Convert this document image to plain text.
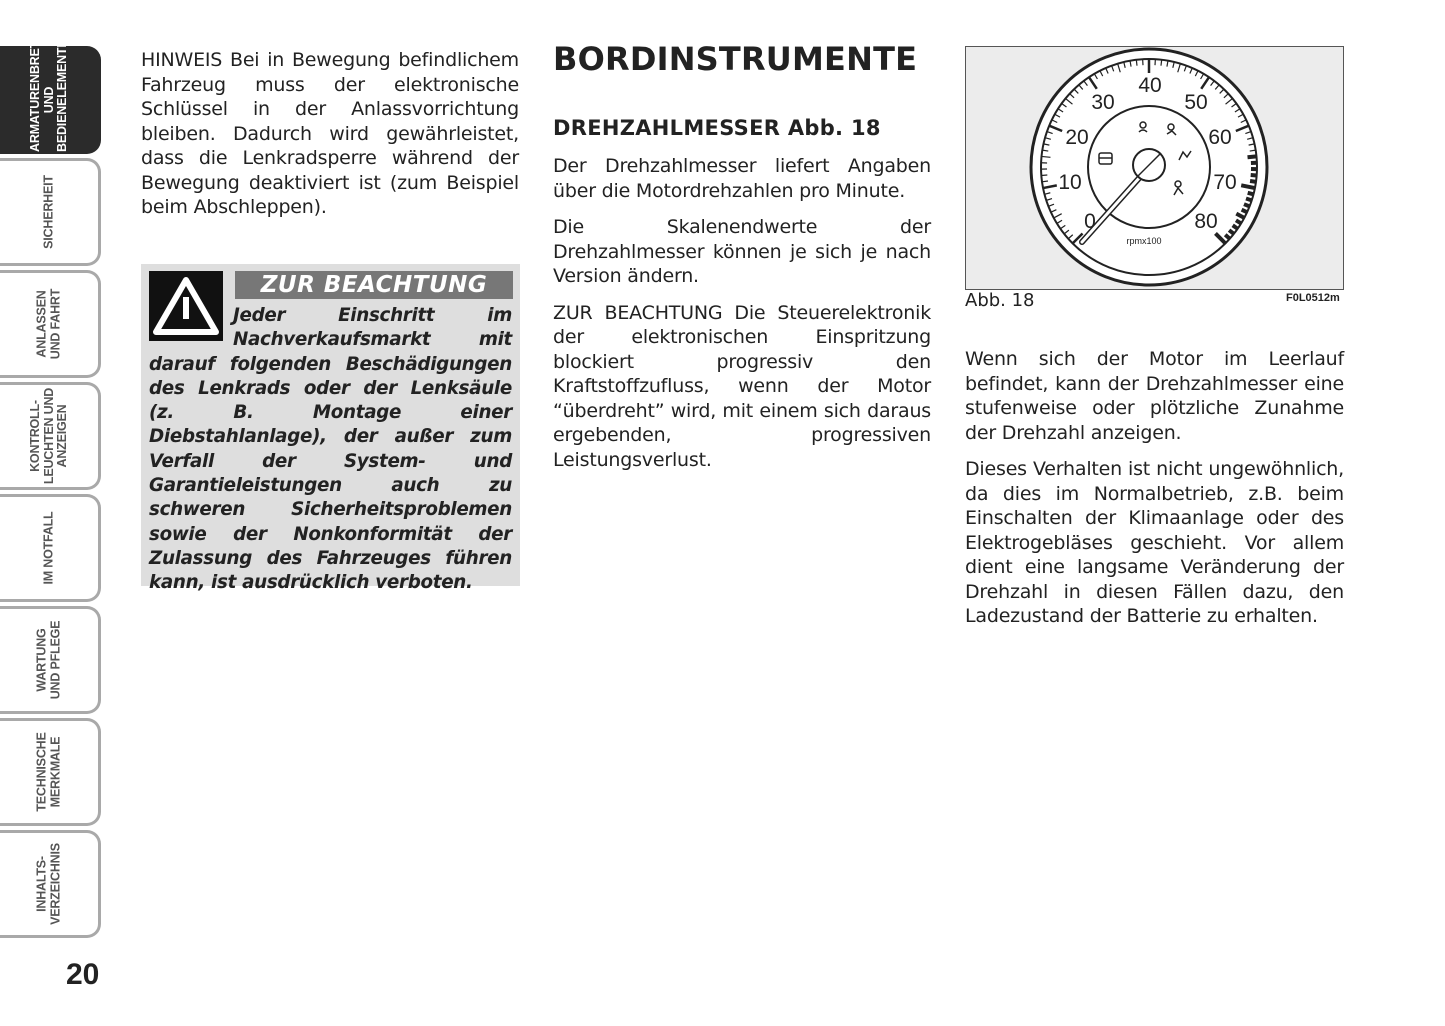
ARMATURENBRETT
UND
BEDIENELEMENTE
SICHERHEIT
ANLASSEN
UND FAHRT
KONTROLL-
LEUCHTEN UND
ANZEIGEN
IM NOTFALL
WARTUNG
UND PFLEGE
TECHNISCHE
MERKMALE
INHALTS-
VERZEICHNIS
20

HINWEIS Bei in Bewegung befindlichem Fahrzeug muss der elektronische Schlüssel in der Anlassvorrichtung bleiben. Dadurch wird gewährleistet, dass die Lenkradsperre während der Bewegung deaktiviert ist (zum Beispiel beim Abschleppen).

ZUR BEACHTUNG
Jeder Einschritt im Nachverkaufsmarkt mit darauf folgenden Beschädigungen des Lenkrads oder der Lenksäule (z. B. Montage einer Diebstahlanlage), der außer zum Verfall der System- und Garantieleistungen auch zu schweren Sicherheitsproblemen sowie der Nonkonformität der Zulassung des Fahrzeuges führen kann, ist ausdrücklich verboten.
BORDINSTRUMENTE
DREHZAHLMESSER Abb. 18

Der Drehzahlmesser liefert Angaben über die Motordrehzahlen pro Minute.

Die Skalenendwerte der Drehzahlmesser können je sich je nach Version ändern.

ZUR BEACHTUNG Die Steuerelektronik der elektronischen Einspritzung blockiert progressiv den Kraftstoffzufluss, wenn der Motor “überdreht” wird, mit einem sich daraus ergebenden, progressiven Leistungsverlust.

0
10
20
30
40
50
60
70
80
rpmx100
Abb. 18	F0L0512m

Wenn sich der Motor im Leerlauf befindet, kann der Drehzahlmesser eine stufenweise oder plötzliche Zunahme der Drehzahl anzeigen.

Dieses Verhalten ist nicht ungewöhnlich, da dies im Normalbetrieb, z.B. beim Einschalten der Klimaanlage oder des Elektrogebläses geschieht. Vor allem dient eine langsame Veränderung der Drehzahl in diesen Fällen dazu, den Ladezustand der Batterie zu erhalten.
